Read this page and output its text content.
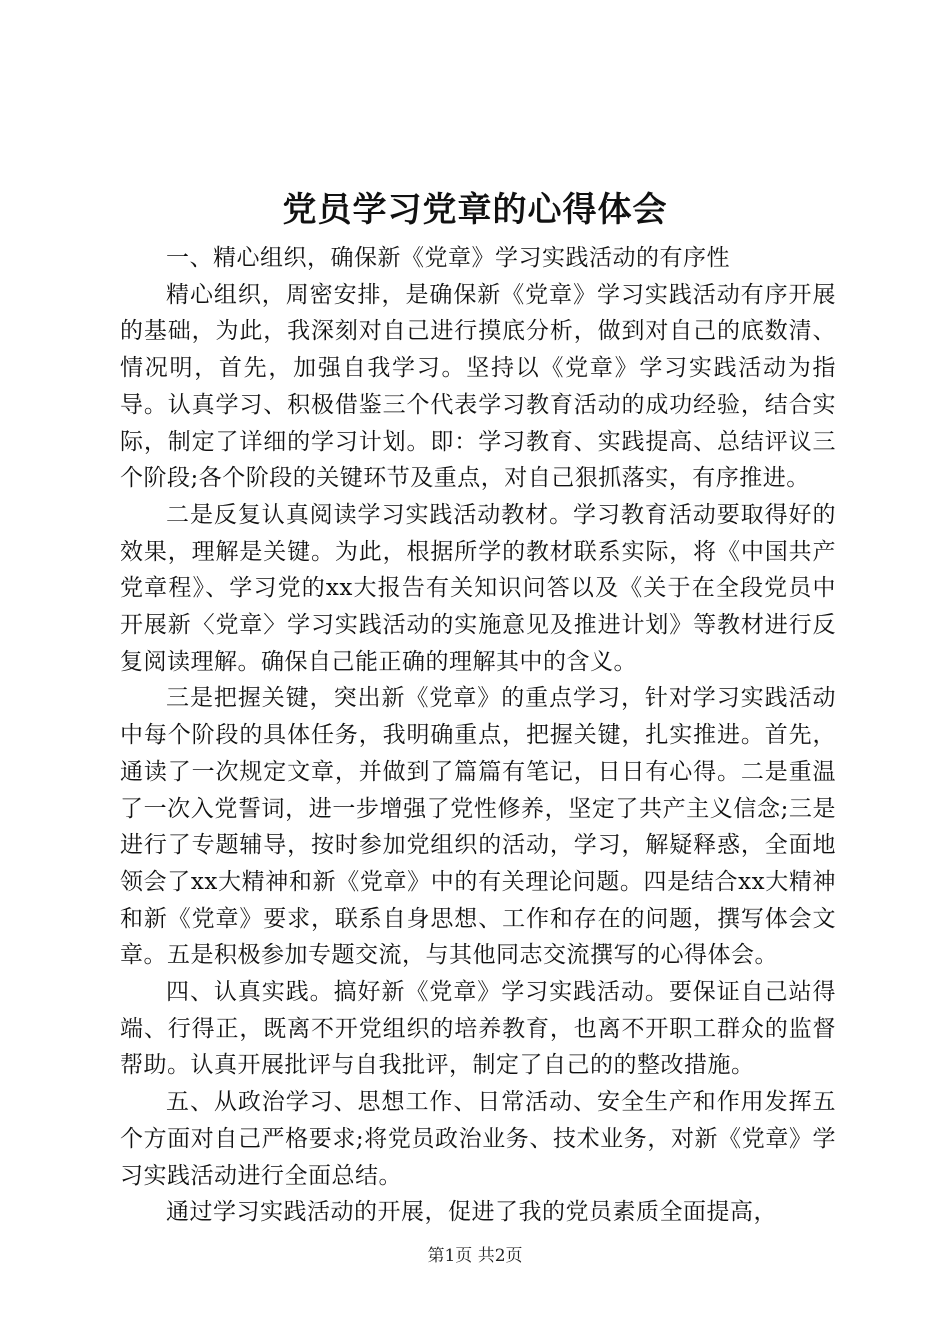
党员学习党章的心得体会

一、精心组织，确保新《党章》学习实践活动的有序性

精心组织，周密安排，是确保新《党章》学习实践活动有序开展的基础，为此，我深刻对自己进行摸底分析，做到对自己的底数清、情况明，首先，加强自我学习。坚持以《党章》学习实践活动为指导。认真学习、积极借鉴三个代表学习教育活动的成功经验，结合实际，制定了详细的学习计划。即：学习教育、实践提高、总结评议三个阶段;各个阶段的关键环节及重点，对自己狠抓落实，有序推进。

二是反复认真阅读学习实践活动教材。学习教育活动要取得好的效果，理解是关键。为此，根据所学的教材联系实际，将《中国共产党章程》、学习党的xx大报告有关知识问答以及《关于在全段党员中开展新〈党章〉学习实践活动的实施意见及推进计划》等教材进行反复阅读理解。确保自己能正确的理解其中的含义。

三是把握关键，突出新《党章》的重点学习，针对学习实践活动中每个阶段的具体任务，我明确重点，把握关键，扎实推进。首先，通读了一次规定文章，并做到了篇篇有笔记，日日有心得。二是重温了一次入党誓词，进一步增强了党性修养，坚定了共产主义信念;三是进行了专题辅导，按时参加党组织的活动，学习，解疑释惑，全面地领会了xx大精神和新《党章》中的有关理论问题。四是结合xx大精神和新《党章》要求，联系自身思想、工作和存在的问题，撰写体会文章。五是积极参加专题交流，与其他同志交流撰写的心得体会。

四、认真实践。搞好新《党章》学习实践活动。要保证自己站得端、行得正，既离不开党组织的培养教育，也离不开职工群众的监督帮助。认真开展批评与自我批评，制定了自己的的整改措施。

五、从政治学习、思想工作、日常活动、安全生产和作用发挥五个方面对自己严格要求;将党员政治业务、技术业务，对新《党章》学习实践活动进行全面总结。

通过学习实践活动的开展，促进了我的党员素质全面提高，

第1页 共2页
